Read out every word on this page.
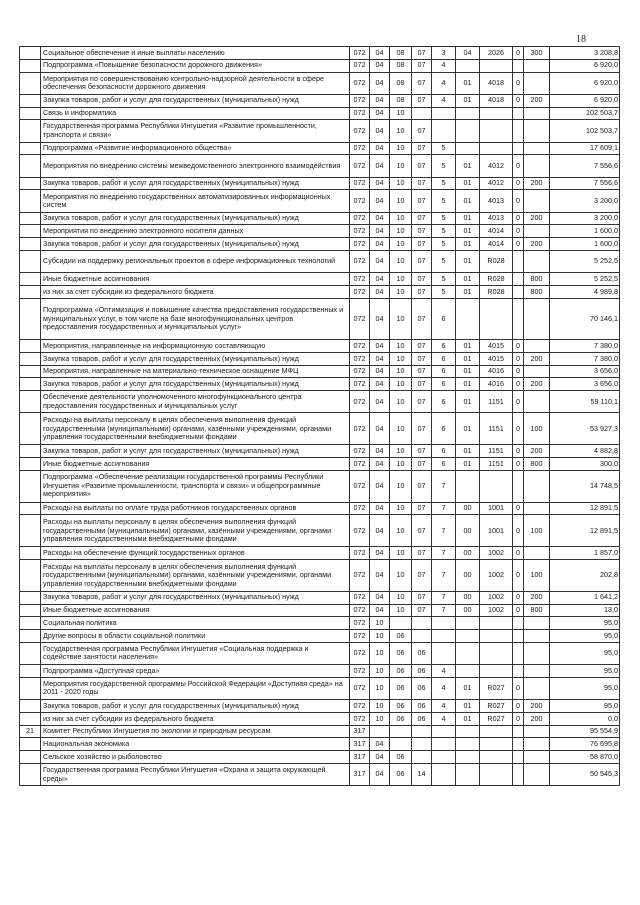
18
	Социальное обеспечение и иные выплаты населению	072	04	08	07	3	04	2026	0	300	3 208,8
	Подпрограмма «Повышение безопасности дорожного движения»	072	04	08	07	4					6 920,0
	Мероприятия по совершенствованию контрольно-надзорной деятельности в сфере обеспечения безопасности дорожного движения	072	04	08	07	4	01	4018	0		6 920,0
	Закупка товаров, работ и услуг для государственных (муниципальных) нужд	072	04	08	07	4	01	4018	0	200	6 920,0
	Связь и информатика	072	04	10							102 503,7
	Государственная программа Республики Ингушетия «Развитие промышленности, транспорта и связи»	072	04	10	07						102 503,7
	Подпрограмма «Развитие информационного общества»	072	04	10	07	5					17 609,1
	Мероприятия по внедрению системы межведомственного электронного взаимодействия	072	04	10	07	5	01	4012	0		7 556,6
	Закупка товаров, работ и услуг для государственных (муниципальных) нужд	072	04	10	07	5	01	4012	0	200	7 556,6
	Мероприятия по внедрению государственных автоматизированных информационных систем	072	04	10	07	5	01	4013	0		3 200,0
	Закупка товаров, работ и услуг для государственных (муниципальных) нужд	072	04	10	07	5	01	4013	0	200	3 200,0
	Мероприятия по внедрению электронного носителя данных	072	04	10	07	5	01	4014	0		1 600,0
	Закупка товаров, работ и услуг для государственных (муниципальных) нужд	072	04	10	07	5	01	4014	0	200	1 600,0
	Субсидии на поддержку региональных проектов в сфере информационных технологий	072	04	10	07	5	01	R028			5 252,5
	Иные бюджетные ассигнования	072	04	10	07	5	01	R028		800	5 252,5
	из них за счет субсидии из федерального бюджета	072	04	10	07	5	01	R028		800	4 989,8
	Подпрограмма «Оптимизация и повышение качества предоставления государственных и муниципальных услуг, в том числе на базе многофункциональных центров предоставления государственных и муниципальных услуг»	072	04	10	07	6					70 146,1
	Мероприятия, направленные на информационную составляющую	072	04	10	07	6	01	4015	0		7 380,0
	Закупка товаров, работ и услуг для государственных (муниципальных) нужд	072	04	10	07	6	01	4015	0	200	7 380,0
	Мероприятия, направленные на материально-техническое оснащение МФЦ	072	04	10	07	6	01	4016	0		3 656,0
	Закупка товаров, работ и услуг для государственных (муниципальных) нужд	072	04	10	07	6	01	4016	0	200	3 656,0
	Обеспечение деятельности уполномоченного многофункционального центра предоставления государственных и муниципальных услуг	072	04	10	07	6	01	1151	0		59 110,1
	Расходы на выплаты персоналу в целях обеспечения выполнения функций государственными (муниципальными) органами, казёнными учреждениями, органами управления государственными внебюджетными фондами	072	04	10	07	6	01	1151	0	100	53 927,3
	Закупка товаров, работ и услуг для государственных (муниципальных) нужд	072	04	10	07	6	01	1151	0	200	4 882,8
	Иные бюджетные ассигнования	072	04	10	07	6	01	1151	0	800	300,0
	Подпрограмма «Обеспечение реализации государственной программы Республики Ингушетия «Развитие промышленности, транспорта и связи» и общепрограммные мероприятия»	072	04	10	07	7					14 748,5
	Расходы на выплаты по оплате труда работников государственных органов	072	04	10	07	7	00	1001	0		12 891,5
	Расходы на выплаты персоналу в целях обеспечения выполнения функций государственными (муниципальными) органами, казёнными учреждениями, органами управления государственными внебюджетными фондами	072	04	10	07	7	00	1001	0	100	12 891,5
	Расходы на обеспечение функций государственных органов	072	04	10	07	7	00	1002	0		1 857,0
	Расходы на выплаты персоналу в целях обеспечения выполнения функций государственными (муниципальными) органами, казёнными учреждениями, органами управления государственными внебюджетными фондами	072	04	10	07	7	00	1002	0	100	202,8
	Закупка товаров, работ и услуг для государственных (муниципальных) нужд	072	04	10	07	7	00	1002	0	200	1 641,2
	Иные бюджетные ассигнования	072	04	10	07	7	00	1002	0	800	13,0
	Социальная политика	072	10								95,0
	Другие вопросы в области социальной политики	072	10	06							95,0
	Государственная программа Республики Ингушетия «Социальная поддержка и содействие занятости населения»	072	10	06	06						95,0
	Подпрограмма «Доступная среда»	072	10	06	06	4					95,0
	Мероприятия государственной программы Российской Федерации «Доступная среда» на 2011 - 2020 годы	072	10	06	06	4	01	R027	0		95,0
	Закупка товаров, работ и услуг для государственных (муниципальных) нужд	072	10	06	06	4	01	R027	0	200	95,0
	из них за счет субсидии из федерального бюджета	072	10	06	06	4	01	R027	0	200	0,0
21	Комитет Республики Ингушетия по экологии и природным ресурсам	317									95 554,9
	Национальная экономика	317	04								76 695,8
	Сельское хозяйство и рыболовство	317	04	06							58 870,0
	Государственная программа Республики Ингушетия «Охрана и защита окружающей среды»	317	04	06	14						50 545,3
